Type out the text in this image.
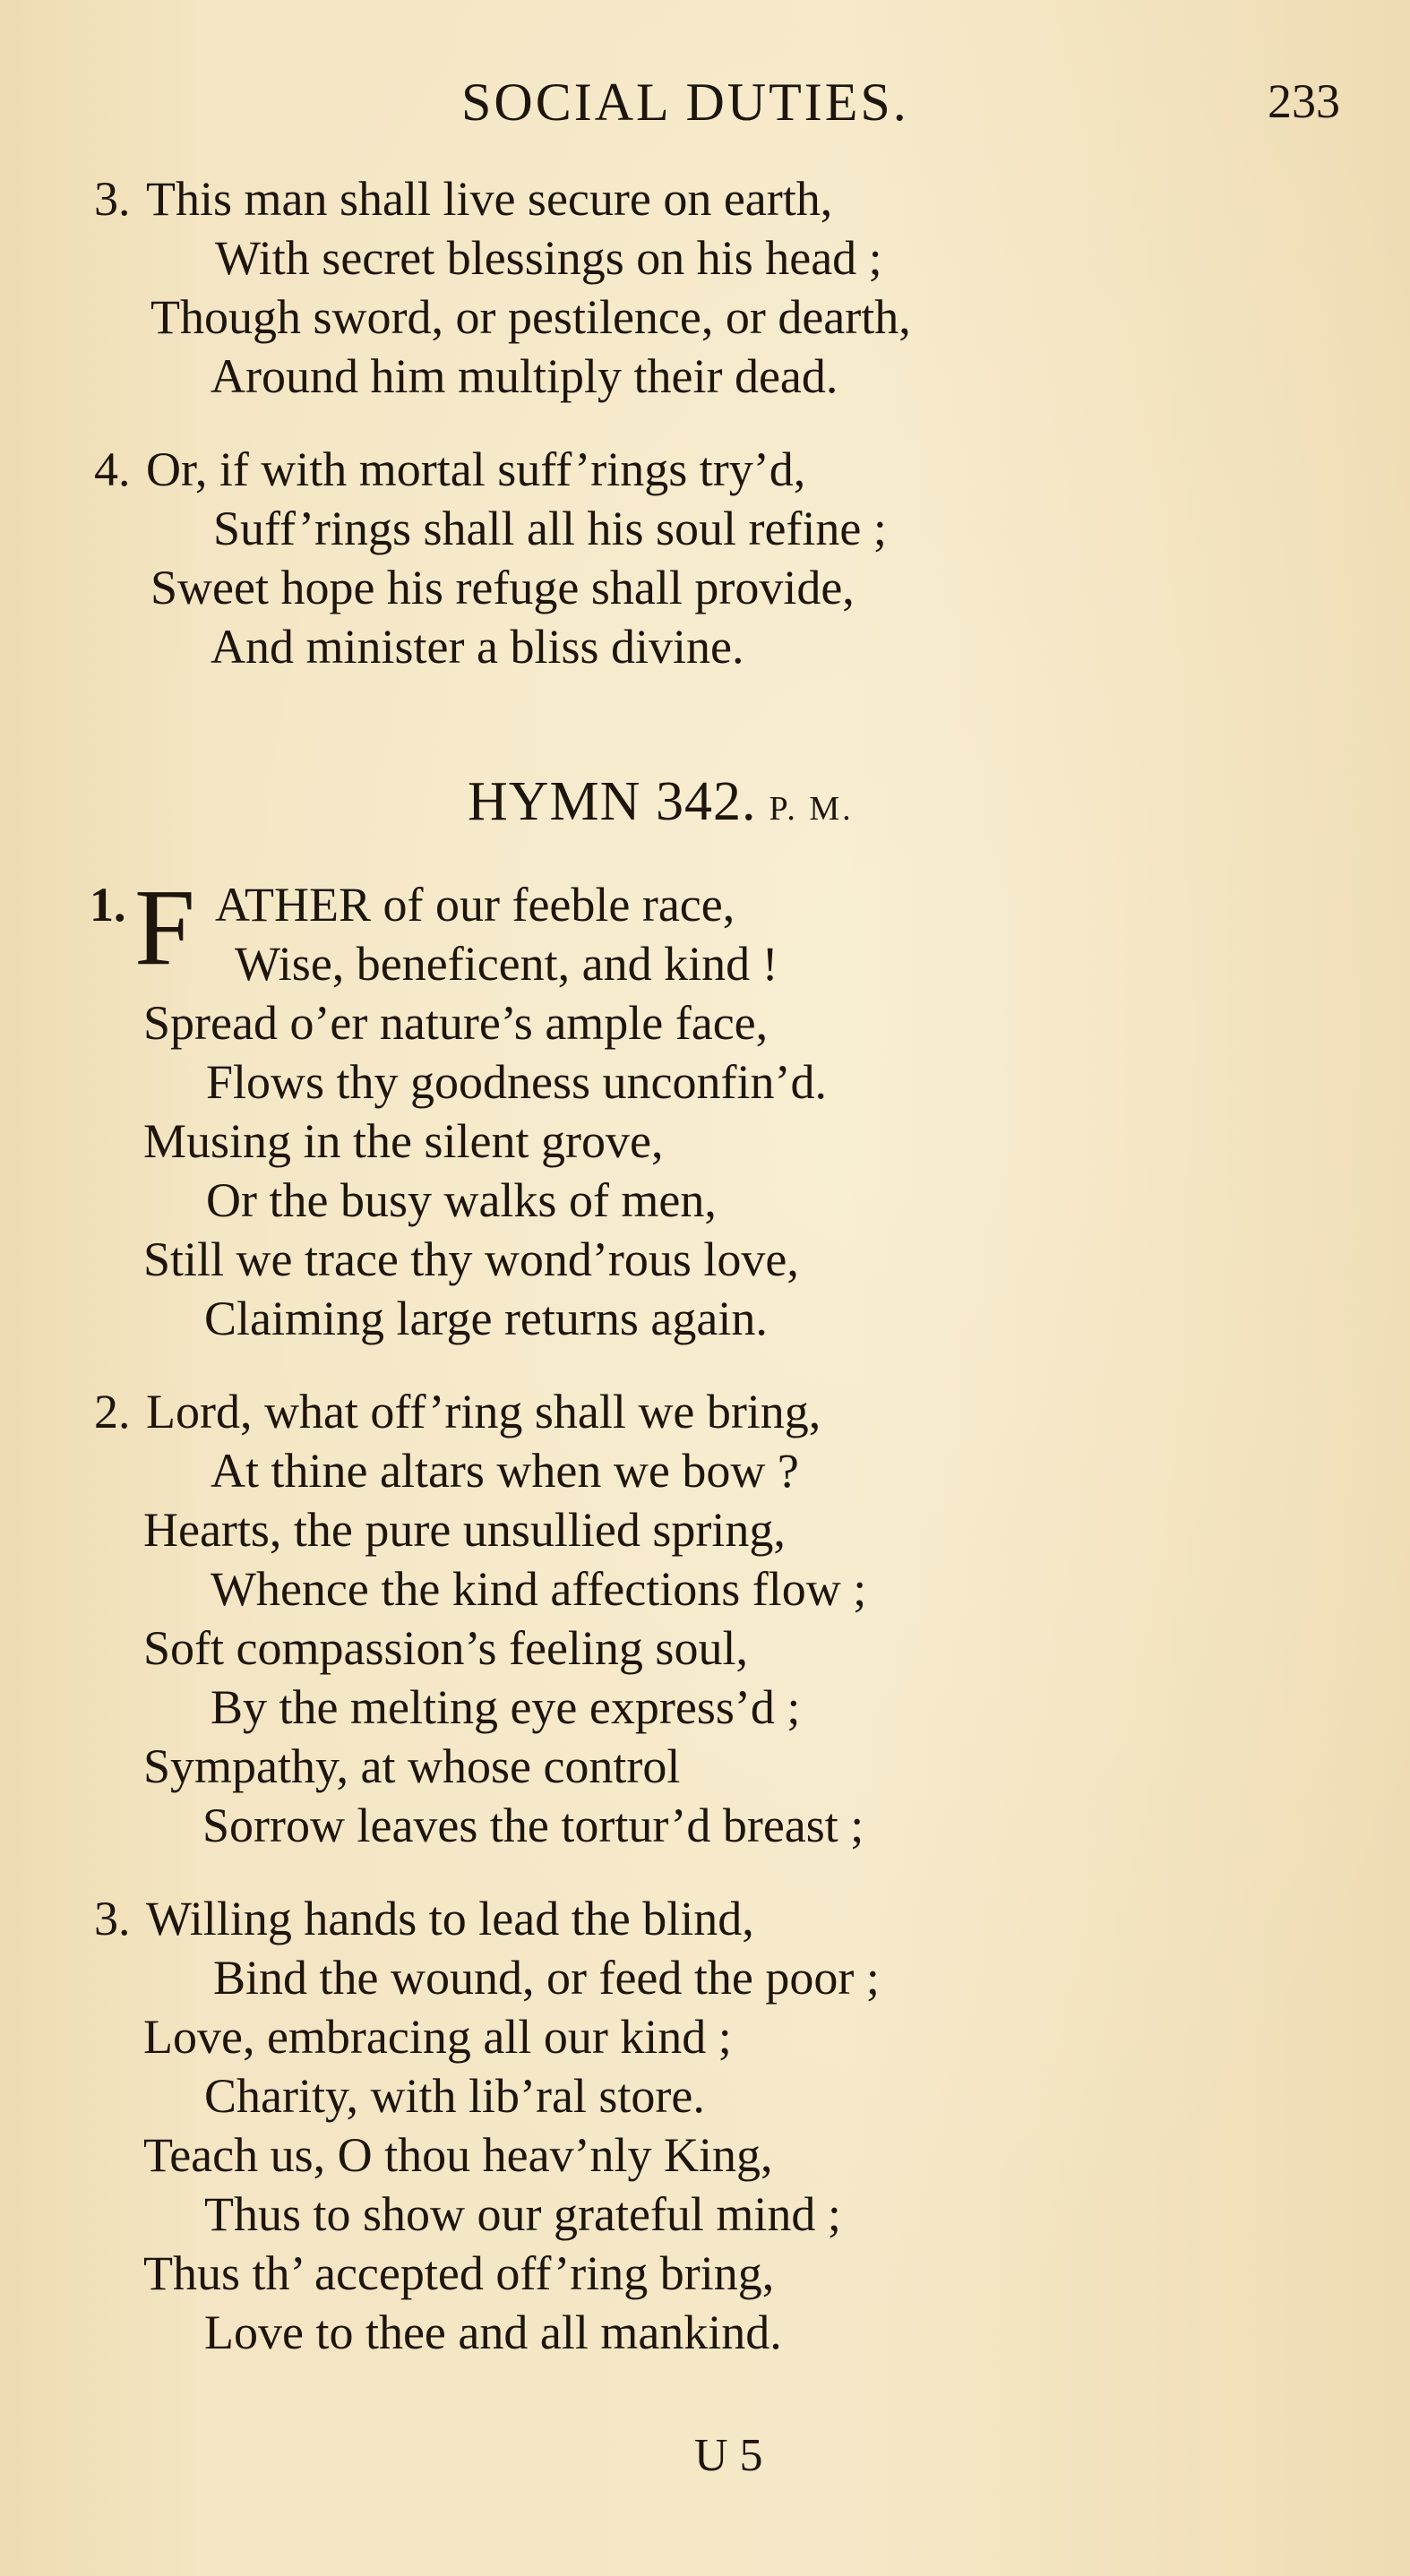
SOCIAL DUTIES.	233
3. This man shall live secure on earth,
With secret blessings on his head ;
Though sword, or pestilence, or dearth,
Around him multiply their dead.
4. Or, if with mortal suff’rings try’d,
Suff’rings shall all his soul refine ;
Sweet hope his refuge shall provide,
And minister a bliss divine.
HYMN 342. P. M.
1. F ATHER of our feeble race,
Wise, beneficent, and kind !
Spread o’er nature’s ample face,
Flows thy goodness unconfin’d.
Musing in the silent grove,
Or the busy walks of men,
Still we trace thy wond’rous love,
Claiming large returns again.
2. Lord, what off’ring shall we bring,
At thine altars when we bow ?
Hearts, the pure unsullied spring,
Whence the kind affections flow ;
Soft compassion’s feeling soul,
By the melting eye express’d ;
Sympathy, at whose control
Sorrow leaves the tortur’d breast ;
3. Willing hands to lead the blind,
Bind the wound, or feed the poor ;
Love, embracing all our kind ;
Charity, with lib’ral store.
Teach us, O thou heav’nly King,
Thus to show our grateful mind ;
Thus th’ accepted off’ring bring,
Love to thee and all mankind.
U 5
